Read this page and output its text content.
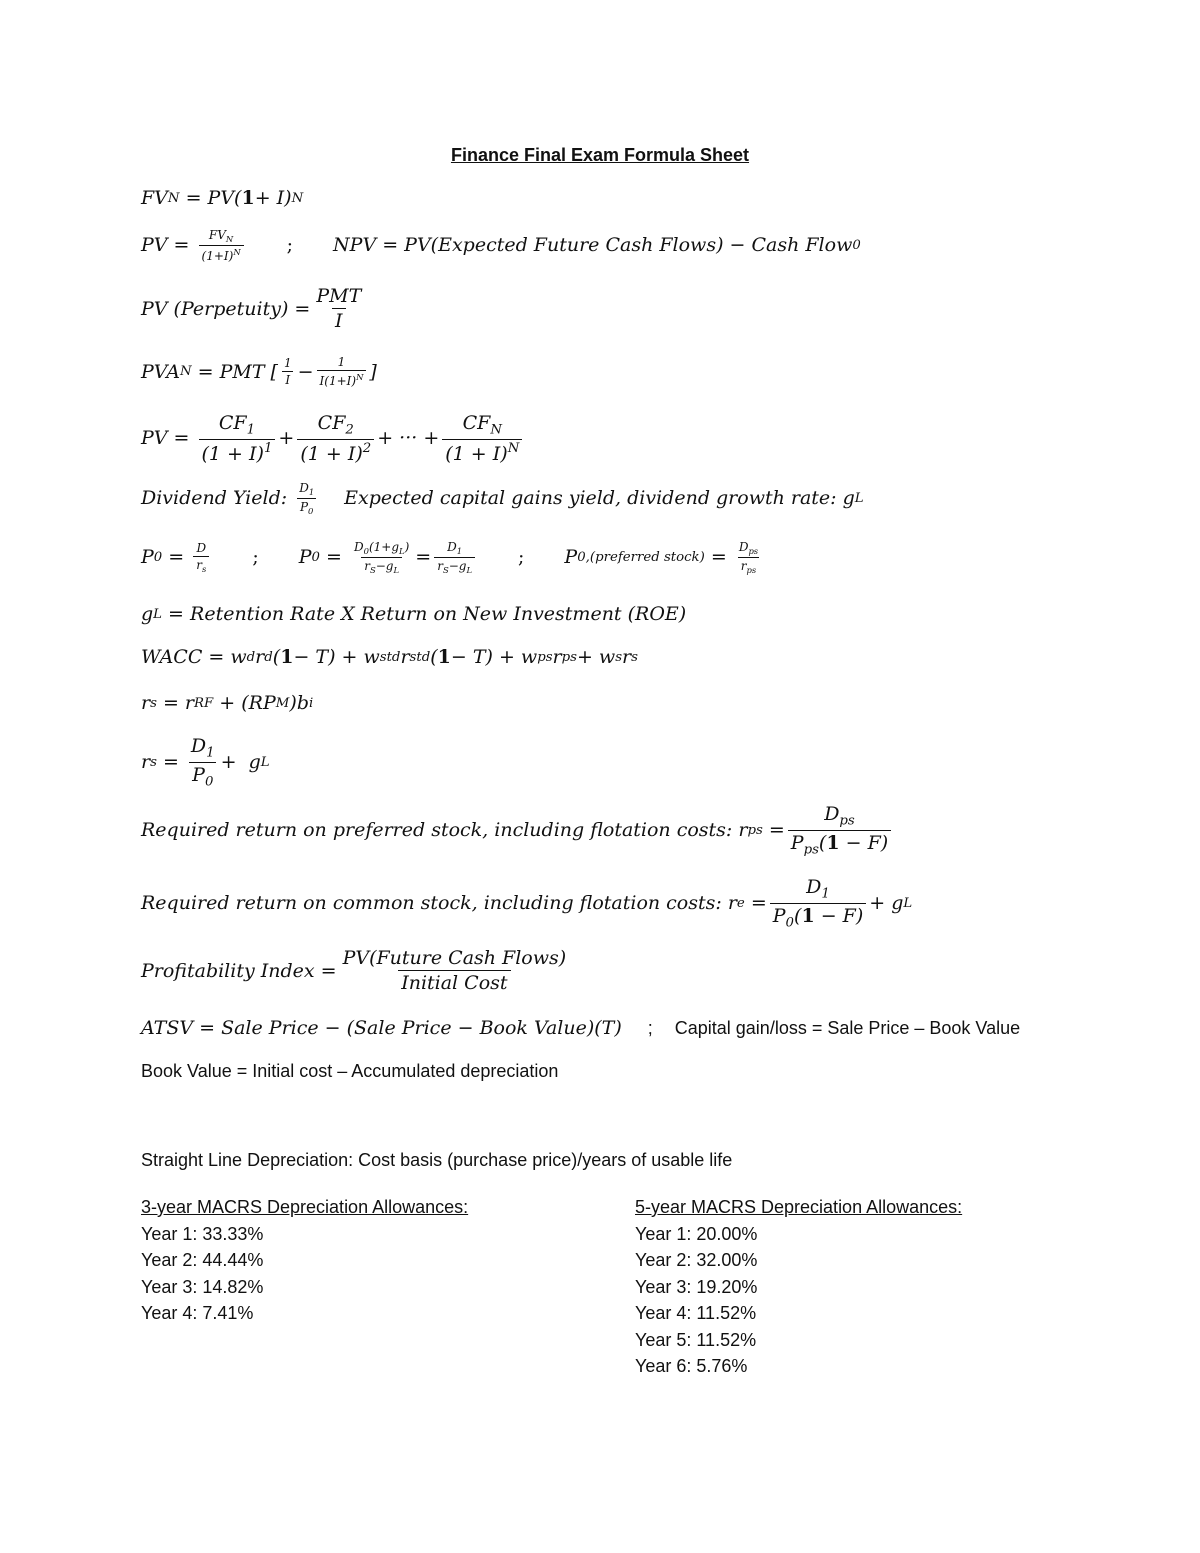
Finance Final Exam Formula Sheet
FV N = PV( 1 + I) N
PV = $\frac{FV_N}{(1+I)^N}$ ; NPV = PV(Expected Future Cash Flows) − Cash Flow 0
PV ( Perpetuity ) = $\frac{\text{PMT}}{I}$
PVA N = PMT [ $\frac{1}{I} - \frac{1}{I(1+I)^N}$ ]
PV = $\frac{CF_1}{(1 + I)^1} + \frac{CF_2}{(1 + I)^2}$ + ··· + $\frac{CF_N}{(1 + I)^N}$
Dividend Yield:
$\frac{D_1}{P_0}$ Expected capital gains yield, dividend growth rate: g L
P $0 = \frac{D}{r_s}$ ; P $0 = \frac{D_0(1+g_L)}{r_S-g_L} = \frac{D_1}{r_S-g_L}$ ; P 0,(preferred stock) = $\frac{D_{ps}}{r_{ps}}$
g L = Retention Rate X Return on New Investment (ROE)
WACC = w d r d ( 1 − T) + w std r std ( 1 − T) + w ps r ps + w s r s
r s = r RF + (RP M )b i
r $s = \frac{D_1}{P_0} + g$ L
Required return on preferred stock, including flotation costs: r ps = $\frac{D_{ps}}{P_{ps}(1 - F)}$
Required return on common stock, including flotation costs: r $e = \frac{D_1}{P_0(1 - F)} + g$ L
Profitability Index = $\frac{\text{PV(Future Cash Flows)}}{\text{Initial Cost}}$
ATSV = Sale Price − (Sale Price − Book Value)(T) ; Capital gain/loss = Sale Price – Book Value
Book Value = Initial cost – Accumulated depreciation
Straight Line Depreciation: Cost basis (purchase price)/years of usable life
3-year MACRS Depreciation Allowances:
Year 1: 33.33%
Year 2: 44.44%
Year 3: 14.82%
Year 4: 7.41%
5-year MACRS Depreciation Allowances:
Year 1: 20.00%
Year 2: 32.00%
Year 3: 19.20%
Year 4: 11.52%
Year 5: 11.52%
Year 6: 5.76%
